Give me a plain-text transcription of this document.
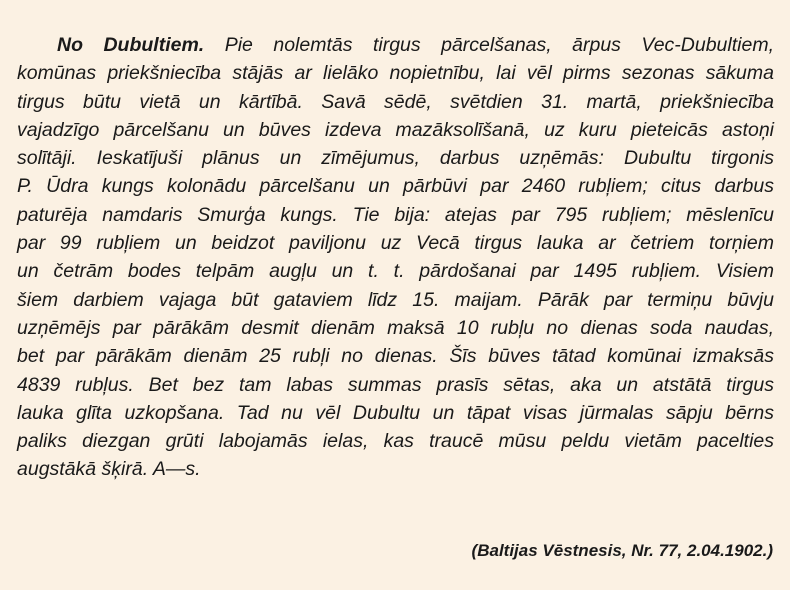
No Dubultiem. Pie nolemtās tirgus pārcelšanas, ārpus Vec-Dubultiem,
komūnas priekšniecība stājās ar lielāko nopietnību, lai vēl pirms sezonas sākuma
tirgus būtu vietā un kārtībā. Savā sēdē, svētdien 31. martā, priekšniecība
vajadzīgo pārcelšanu un būves izdeva mazāksolīšanā, uz kuru pieteicās astoņi
solītāji. Ieskatījuši plānus un zīmējumus, darbus uzņēmās: Dubultu tirgonis
P. Ūdra kungs kolonādu pārcelšanu un pārbūvi par 2460 rubļiem; citus darbus
paturēja namdaris Smurģa kungs. Tie bija: atejas par 795 rubļiem; mēslenīcu
par 99 rubļiem un beidzot paviljonu uz Vecā tirgus lauka ar četriem torņiem
un četrām bodes telpām augļu un t. t. pārdošanai par 1495 rubļiem. Visiem
šiem darbiem vajaga būt gataviem līdz 15. maijam. Pārāk par termiņu būvju
uzņēmējs par pārākām desmit dienām maksā 10 rubļu no dienas soda naudas,
bet par pārākām dienām 25 rubļi no dienas. Šīs būves tātad komūnai izmaksās
4839 rubļus. Bet bez tam labas summas prasīs sētas, aka un atstātā tirgus
lauka glīta uzkopšana. Tad nu vēl Dubultu un tāpat visas jūrmalas sāpju bērns
paliks diezgan grūti labojamās ielas, kas traucē mūsu peldu vietām pacelties
augstākā šķirā. A—s.

(Baltijas Vēstnesis, Nr. 77, 2.04.1902.)
